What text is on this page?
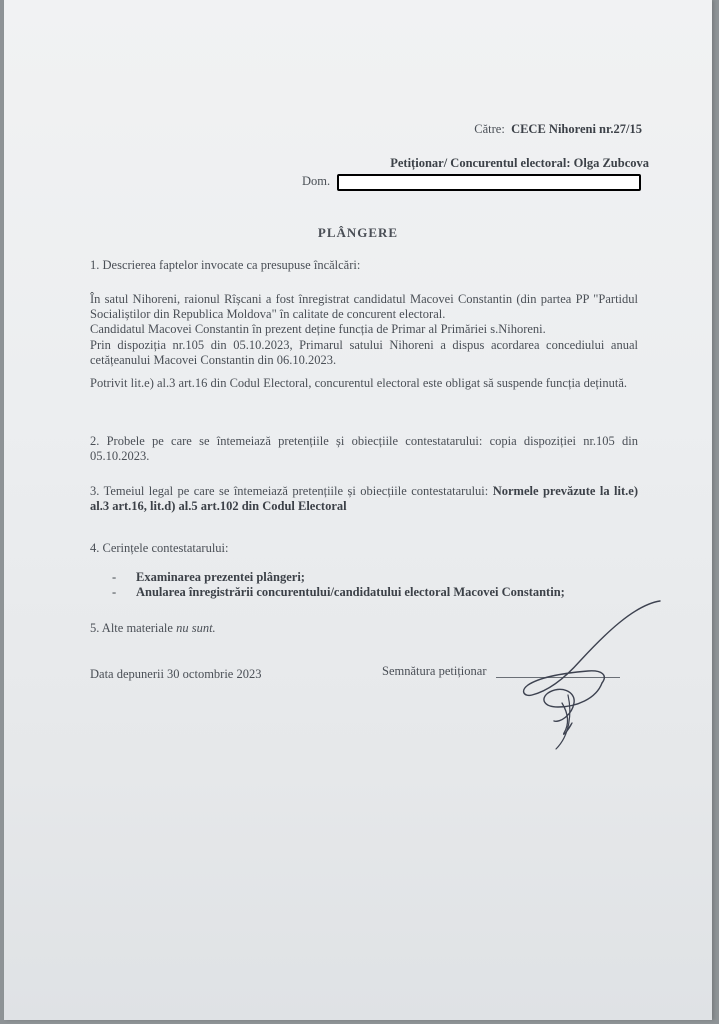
Către: CECE Nihoreni nr.27/15
Petiționar/ Concurentul electoral: Olga Zubcova
Dom.
PLÂNGERE
1. Descrierea faptelor invocate ca presupuse încălcări:
În satul Nihoreni, raionul Rîșcani a fost înregistrat candidatul Macovei Constantin (din partea PP "Partidul Socialiștilor din Republica Moldova" în calitate de concurent electoral.
Candidatul Macovei Constantin în prezent deține funcția de Primar al Primăriei s.Nihoreni.
Prin dispoziția nr.105 din 05.10.2023, Primarul satului Nihoreni a dispus acordarea concediului anual cetățeanului Macovei Constantin din 06.10.2023.
Potrivit lit.e) al.3 art.16 din Codul Electoral, concurentul electoral este obligat să suspende funcția deținută.
2. Probele pe care se întemeiază pretențiile și obiecțiile contestatarului: copia dispoziției nr.105 din 05.10.2023.
3. Temeiul legal pe care se întemeiază pretențiile și obiecțiile contestatarului: Normele prevăzute la lit.e) al.3 art.16, lit.d) al.5 art.102 din Codul Electoral
4. Cerințele contestatarului:
- Examinarea prezentei plângeri;
- Anularea înregistrării concurentului/candidatului electoral Macovei Constantin;
5. Alte materiale nu sunt.
Data depunerii 30 octombrie 2023	Semnătura petiționar
